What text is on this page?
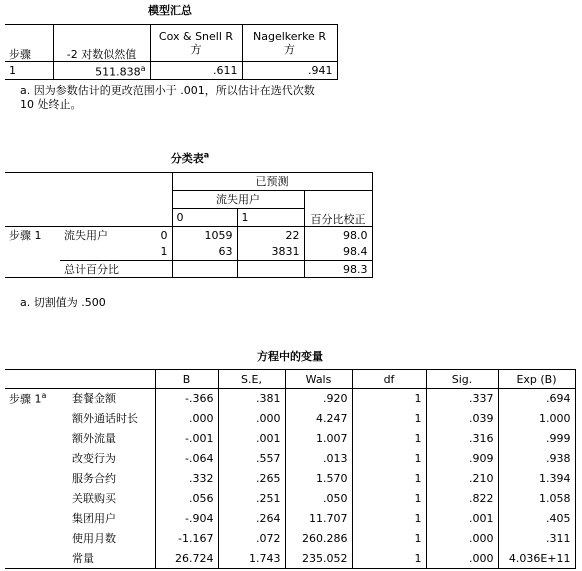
模型汇总
步骤	-2 对数似然值	Cox & Snell R 方	Nagelkerke R 方
1	511.838$^a$	.611	.941
a. 因为参数估计的更改范围小于 .001，所以估计在选代次数 10 处终止。
分类表$^a$
			已预测		
			流失用户		百分比校正
			0	1	
步骤 1	流失用户	0	1059	22	98.0
		1	63	3831	98.4
	总计百分比				98.3
a. 切割值为 .500
方程中的变量
		B	S.E,	Wals	df	Sig.	Exp (B)
步骤 1$^a$	套餐金额	-.366	.381	.920	1	.337	.694
	额外通话时长	.000	.000	4.247	1	.039	1.000
	额外流量	-.001	.001	1.007	1	.316	.999
	改变行为	-.064	.557	.013	1	.909	.938
	服务合约	.332	.265	1.570	1	.210	1.394
	关联购买	.056	.251	.050	1	.822	1.058
	集团用户	-.904	.264	11.707	1	.001	.405
	使用月数	-1.167	.072	260.286	1	.000	.311
	常量	26.724	1.743	235.052	1	.000	4.036E+11
